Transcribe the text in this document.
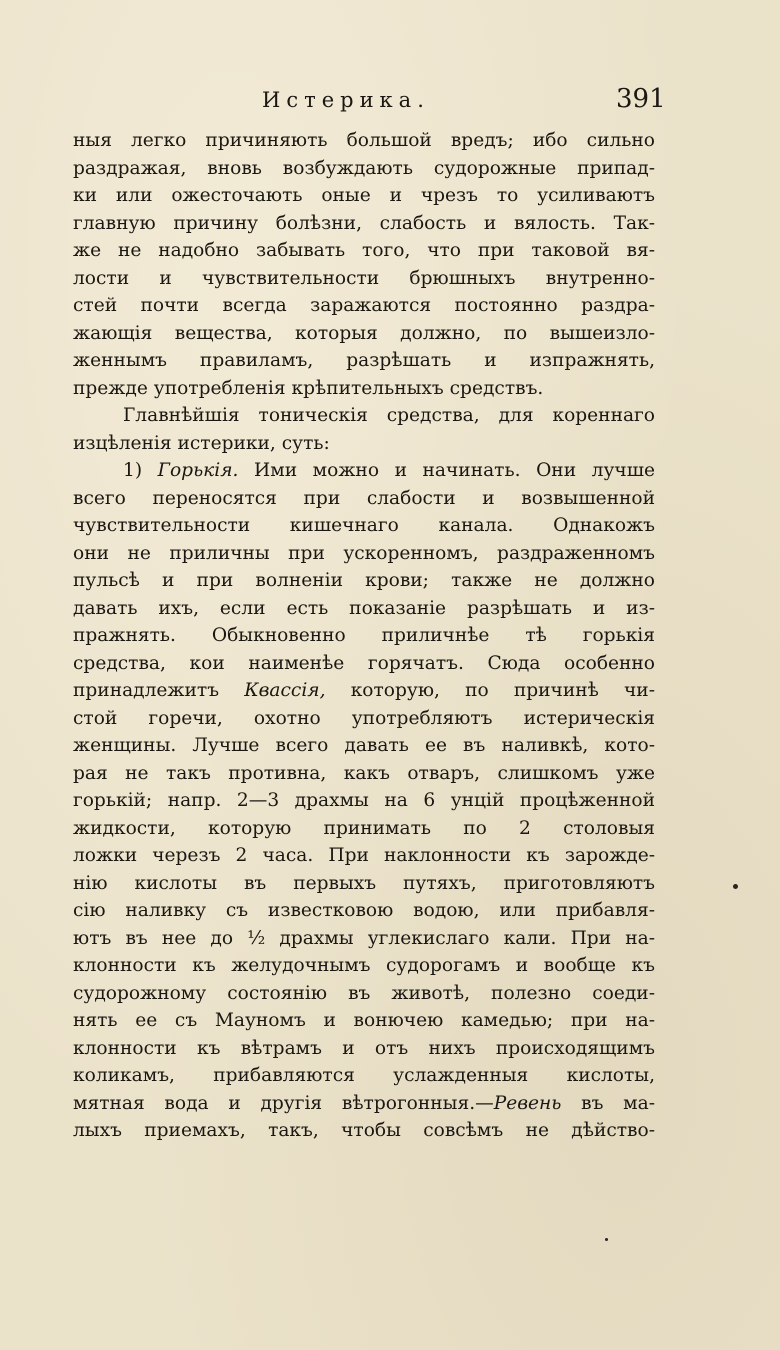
Истерика.	391
ныя легко причиняють большой вредъ; ибо сильно
раздражая, вновь возбуждають судорожные припад-
ки или ожесточають оные и чрезъ то усиливаютъ
главную причину болѣзни, слабость и вялость. Так-
же не надобно забывать того, что при таковой вя-
лости и чувствительности брюшныхъ внутренно-
стей почти всегда заражаются постоянно раздра-
жающія вещества, которыя должно, по вышеизло-
женнымъ правиламъ, разрѣшать и изпражнять,
прежде употребленія крѣпительныхъ средствъ.
Главнѣйшія тоническія средства, для кореннаго
изцѣленія истерики, суть:
1) Горькія. Ими можно и начинать. Они лучше
всего переносятся при слабости и возвышенной
чувствительности кишечнаго канала. Однакожъ
они не приличны при ускоренномъ, раздраженномъ
пульсѣ и при волненіи крови; также не должно
давать ихъ, если есть показаніе разрѣшать и из-
пражнять. Обыкновенно приличнѣе тѣ горькія
средства, кои наименѣе горячатъ. Сюда особенно
принадлежитъ Квассія, которую, по причинѣ чи-
стой горечи, охотно употребляютъ истерическія
женщины. Лучше всего давать ее въ наливкѣ, кото-
рая не такъ противна, какъ отваръ, слишкомъ уже
горькій; напр. 2—3 драхмы на 6 унцій процѣженной
жидкости, которую принимать по 2 столовыя
ложки черезъ 2 часа. При наклонности къ зарожде-
нію кислоты въ первыхъ путяхъ, приготовляютъ
сію наливку съ известковою водою, или прибавля-
ютъ въ нее до ½ драхмы углекислаго кали. При на-
клонности къ желудочнымъ судорогамъ и вообще къ
судорожному состоянію въ животѣ, полезно соеди-
нять ее съ Мауномъ и вонючею камедью; при на-
клонности къ вѣтрамъ и отъ нихъ происходящимъ
коликамъ, прибавляются услажденныя кислоты,
мятная вода и другія вѣтрогонныя.—Ревень въ ма-
лыхъ приемахъ, такъ, чтобы совсѣмъ не дѣйство-
